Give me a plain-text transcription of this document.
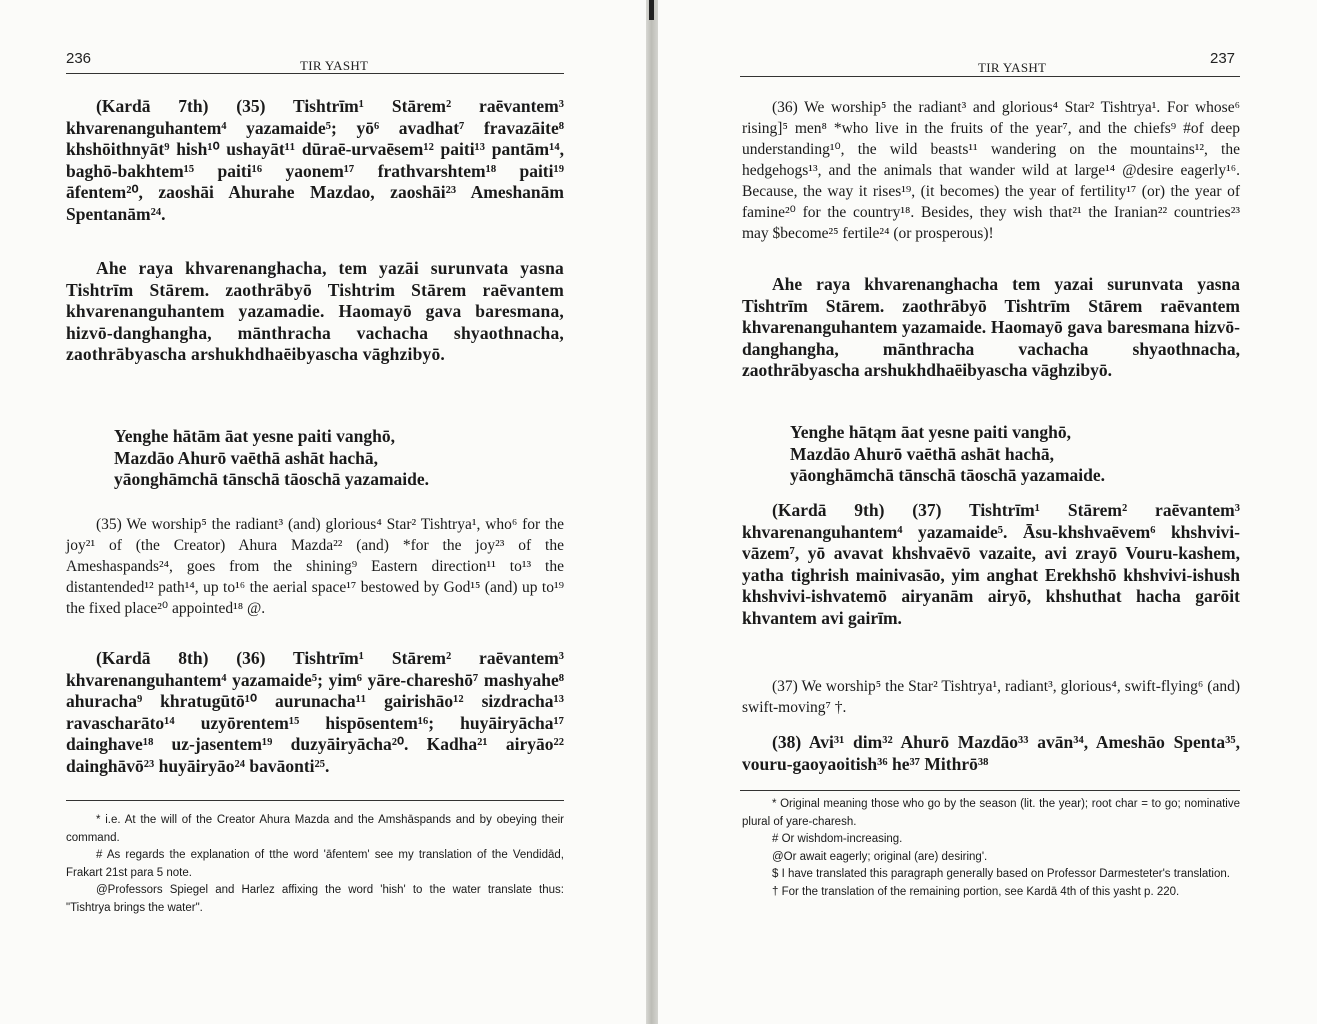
236	TIR YASHT
(Kardā 7th) (35) Tishtrīm¹ Stārem² raēvantem³ khvarenanguhantem⁴ yazamaide⁵; yō⁶ avadhat⁷ fravazāite⁸ khshōithnyāt⁹ hish¹⁰ ushayāt¹¹ dūraē-urvaēsem¹² paiti¹³ pantām¹⁴, baghō-bakhtem¹⁵ paiti¹⁶ yaonem¹⁷ frathvarshtem¹⁸ paiti¹⁹ āfentem²⁰, zaoshāi Ahurahe Mazdao, zaoshāi²³ Ameshanām Spentanām²⁴.
Ahe raya khvarenanghacha, tem yazāi surunvata yasna Tishtrīm Stārem. zaothrābyō Tishtrim Stārem raēvantem khvarenanguhantem yazamadie. Haomayō gava baresmana, hizvō-danghangha, mānthracha vachacha shyaothnacha, zaothrābyascha arshukhdhaēibyascha vāghzibyō.
Yenghe hātām āat yesne paiti vanghō,
Mazdāo Ahurō vaēthā ashāt hachā,
yāonghāmchā tānschā tāoschā yazamaide.
(35) We worship⁵ the radiant³ (and) glorious⁴ Star² Tishtrya¹, who⁶ for the joy²¹ of (the Creator) Ahura Mazda²² (and) *for the joy²³ of the Ameshaspands²⁴, goes from the shining⁹ Eastern direction¹¹ to¹³ the distantended¹² path¹⁴, up to¹⁶ the aerial space¹⁷ bestowed by God¹⁵ (and) up to¹⁹ the fixed place²⁰ appointed¹⁸ @.
(Kardā 8th) (36) Tishtrīm¹ Stārem² raēvantem³ khvarenanguhantem⁴ yazamaide⁵; yim⁶ yāre-chareshō⁷ mashyahe⁸ ahuracha⁹ khratugūtō¹⁰ aurunacha¹¹ gairishāo¹² sizdracha¹³ ravascharāto¹⁴ uzyōrentem¹⁵ hispōsentem¹⁶; huyāiryācha¹⁷ dainghave¹⁸ uz-jasentem¹⁹ duzyāiryācha²⁰. Kadha²¹ airyāo²² dainghāvō²³ huyāiryāo²⁴ bavāonti²⁵.
* i.e. At the will of the Creator Ahura Mazda and the Amshāspands and by obeying their command.
# As regards the explanation of tthe word 'āfentem' see my translation of the Vendidād, Frakart 21st para 5 note.
@Professors Spiegel and Harlez affixing the word 'hish' to the water translate thus: "Tishtrya brings the water".
237
TIR YASHT
(36) We worship⁵ the radiant³ and glorious⁴ Star² Tishtrya¹. For whose⁶ rising]⁵ men⁸ *who live in the fruits of the year⁷, and the chiefs⁹ #of deep understanding¹⁰, the wild beasts¹¹ wandering on the mountains¹², the hedgehogs¹³, and the animals that wander wild at large¹⁴ @desire eagerly¹⁶. Because, the way it rises¹⁹, (it becomes) the year of fertility¹⁷ (or) the year of famine²⁰ for the country¹⁸. Besides, they wish that²¹ the Iranian²² countries²³ may $become²⁵ fertile²⁴ (or prosperous)!
Ahe raya khvarenanghacha tem yazai surunvata yasna Tishtrīm Stārem. zaothrābyō Tishtrīm Stārem raēvantem khvarenanguhantem yazamaide. Haomayō gava baresmana hizvō-danghangha, mānthracha vachacha shyaothnacha, zaothrābyascha arshukhdhaēibyascha vāghzibyō.
Yenghe hātąm āat yesne paiti vanghō,
Mazdāo Ahurō vaēthā ashāt hachā,
yāonghāmchā tānschā tāoschā yazamaide.
(Kardā 9th) (37) Tishtrīm¹ Stārem² raēvantem³ khvarenanguhantem⁴ yazamaide⁵. Āsu-khshvaēvem⁶ khshvivi-vāzem⁷, yō avavat khshvaēvō vazaite, avi zrayō Vouru-kashem, yatha tighrish mainivasāo, yim anghat Erekhshō khshvivi-ishush khshvivi-ishvatemō airyanām airyō, khshuthat hacha garōit khvantem avi gairīm.
(37) We worship⁵ the Star² Tishtrya¹, radiant³, glorious⁴, swift-flying⁶ (and) swift-moving⁷ †.
(38) Avi³¹ dim³² Ahurō Mazdāo³³ avān³⁴, Ameshāo Spenta³⁵, vouru-gaoyaoitish³⁶ he³⁷ Mithrō³⁸
* Original meaning those who go by the season (lit. the year); root char = to go; nominative plural of yare-charesh.
# Or wishdom-increasing.
@Or await eagerly; original (are) desiring'.
$ I have translated this paragraph generally based on Professor Darmesteter's translation.
† For the translation of the remaining portion, see Kardā 4th of this yasht p. 220.
